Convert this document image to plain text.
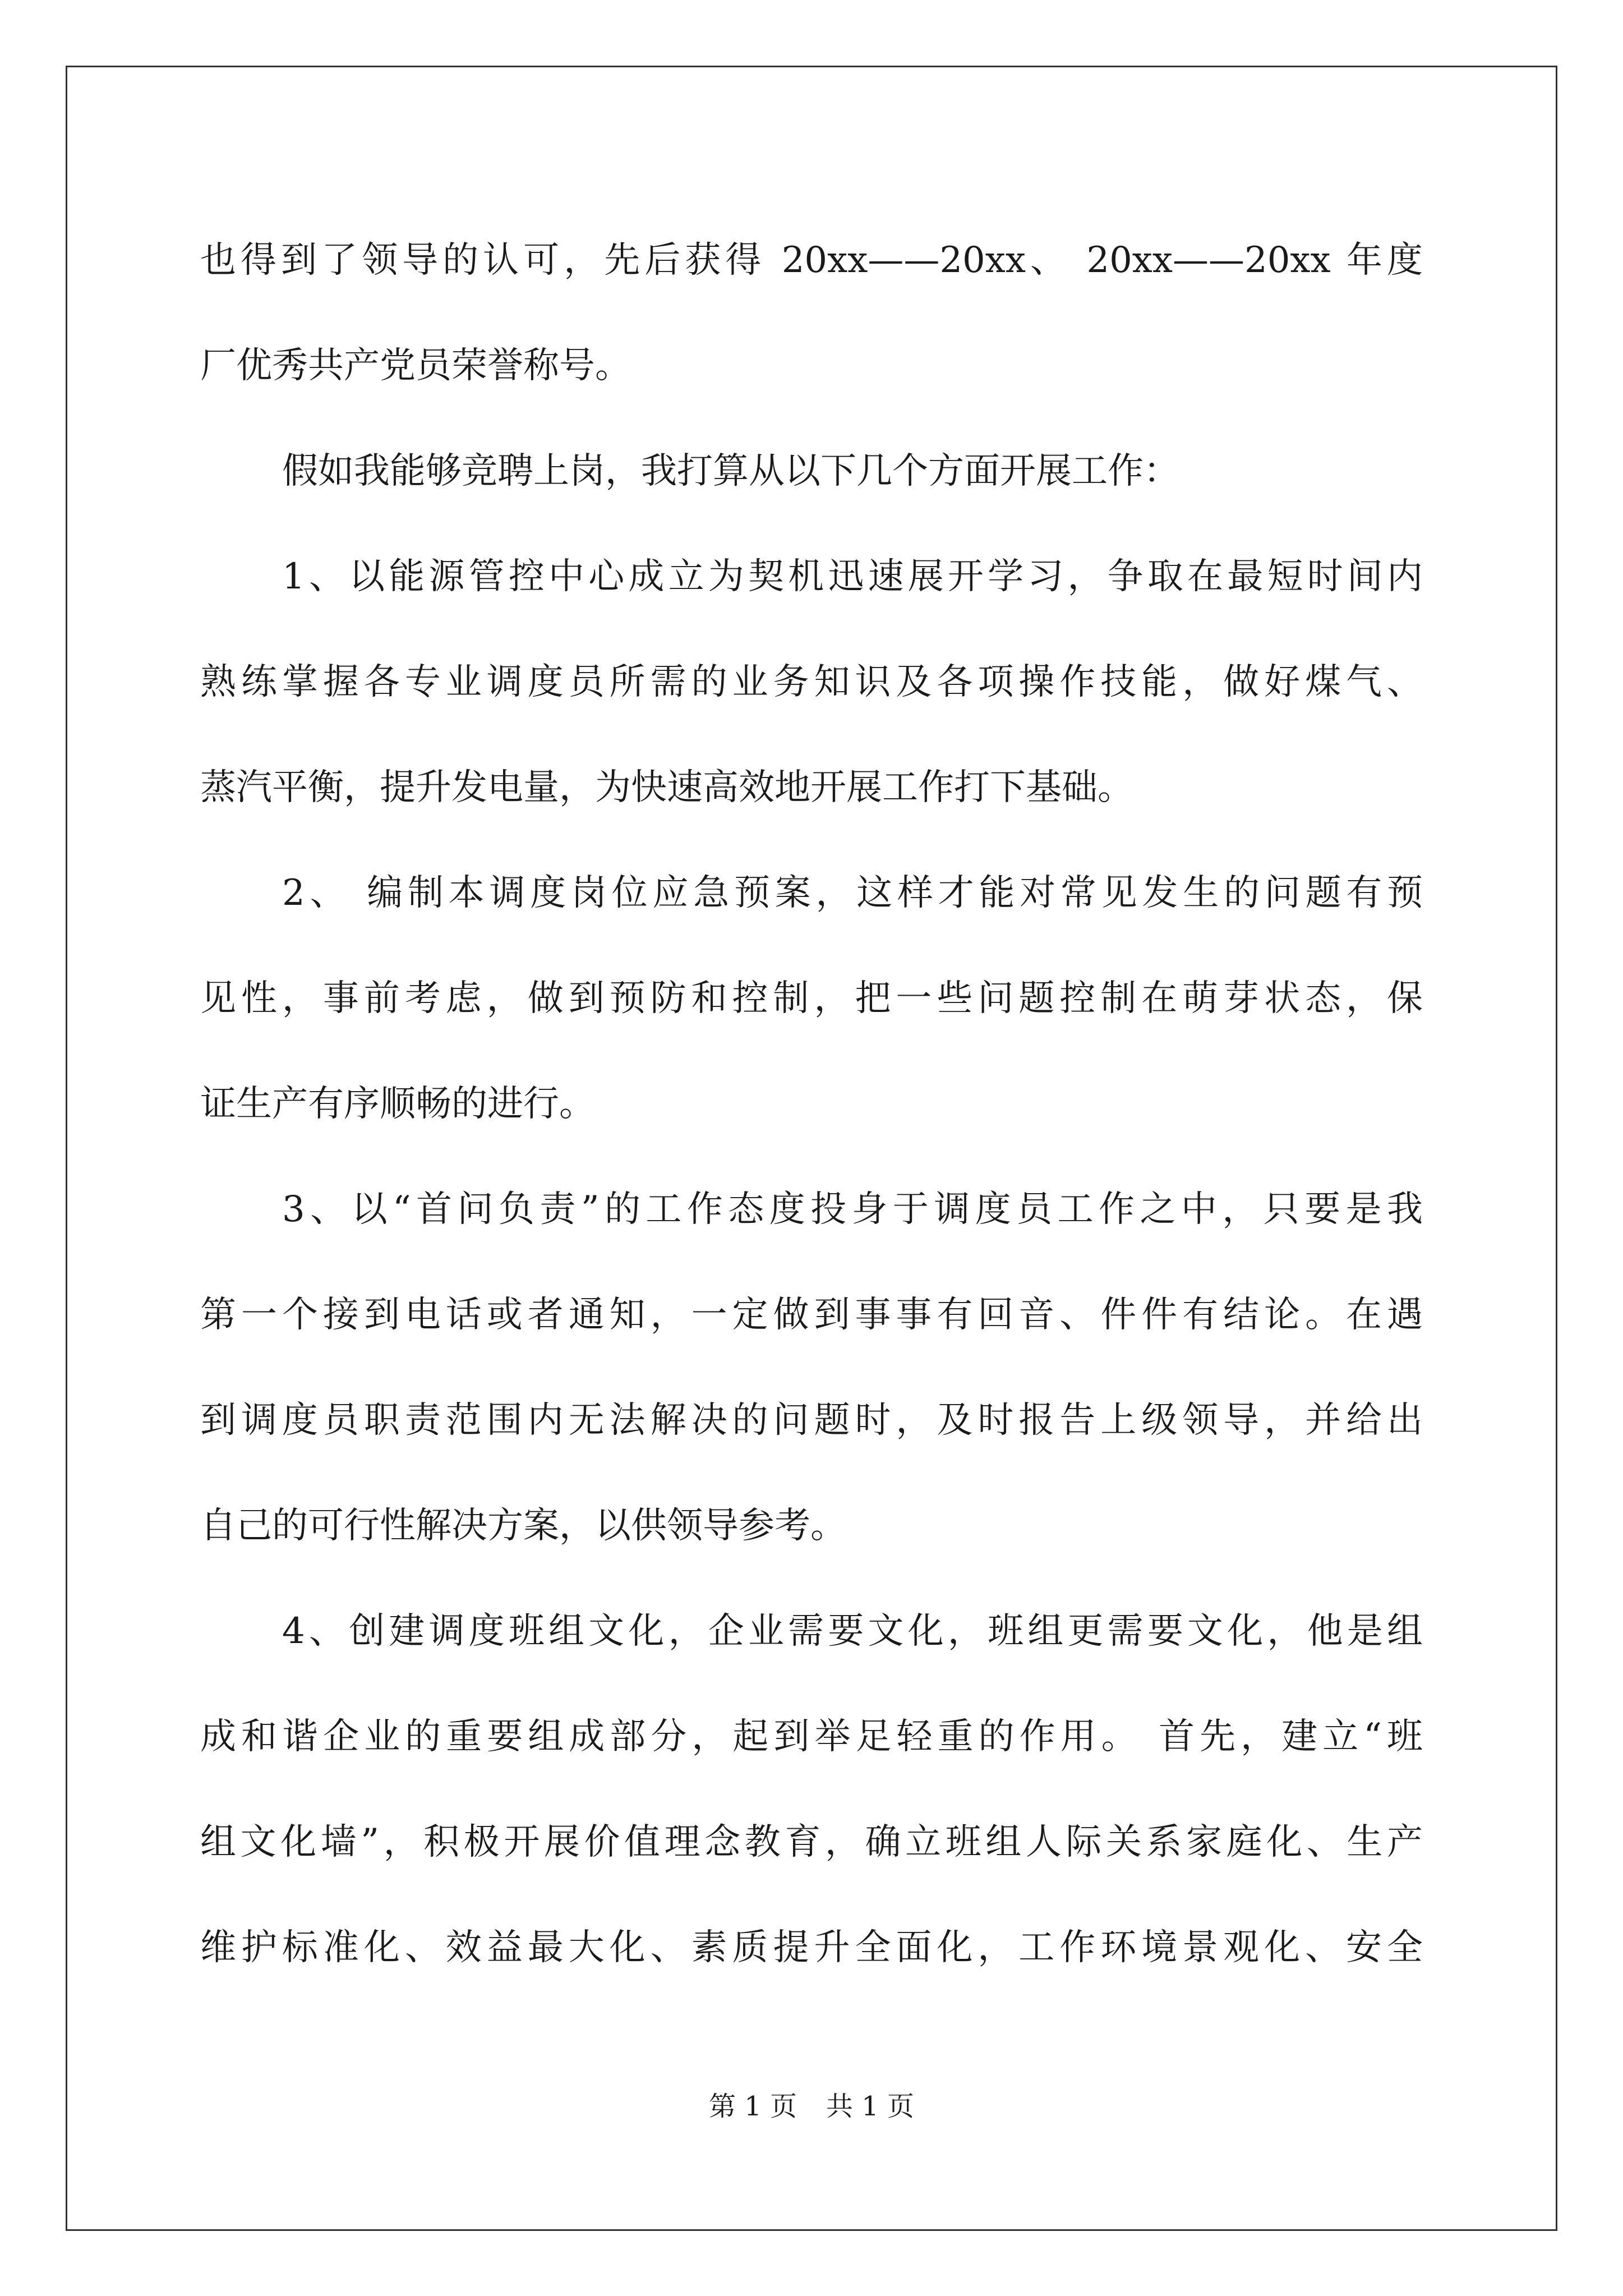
也得到了领导的认可，先后获得 20xx——20xx、 20xx——20xx 年度
厂优秀共产党员荣誉称号。
假如我能够竞聘上岗，我打算从以下几个方面开展工作：
1、以能源管控中心成立为契机迅速展开学习，争取在最短时间内
熟练掌握各专业调度员所需的业务知识及各项操作技能，做好煤气、
蒸汽平衡，提升发电量，为快速高效地开展工作打下基础。
2、 编制本调度岗位应急预案，这样才能对常见发生的问题有预
见性，事前考虑，做到预防和控制，把一些问题控制在萌芽状态，保
证生产有序顺畅的进行。
3、以“首问负责”的工作态度投身于调度员工作之中，只要是我
第一个接到电话或者通知，一定做到事事有回音、件件有结论。在遇
到调度员职责范围内无法解决的问题时，及时报告上级领导，并给出
自己的可行性解决方案，以供领导参考。
4、创建调度班组文化，企业需要文化，班组更需要文化，他是组
成和谐企业的重要组成部分，起到举足轻重的作用。 首先，建立“班
组文化墙”，积极开展价值理念教育，确立班组人际关系家庭化、生产
维护标准化、效益最大化、素质提升全面化，工作环境景观化、安全
第 1 页 共 1 页
